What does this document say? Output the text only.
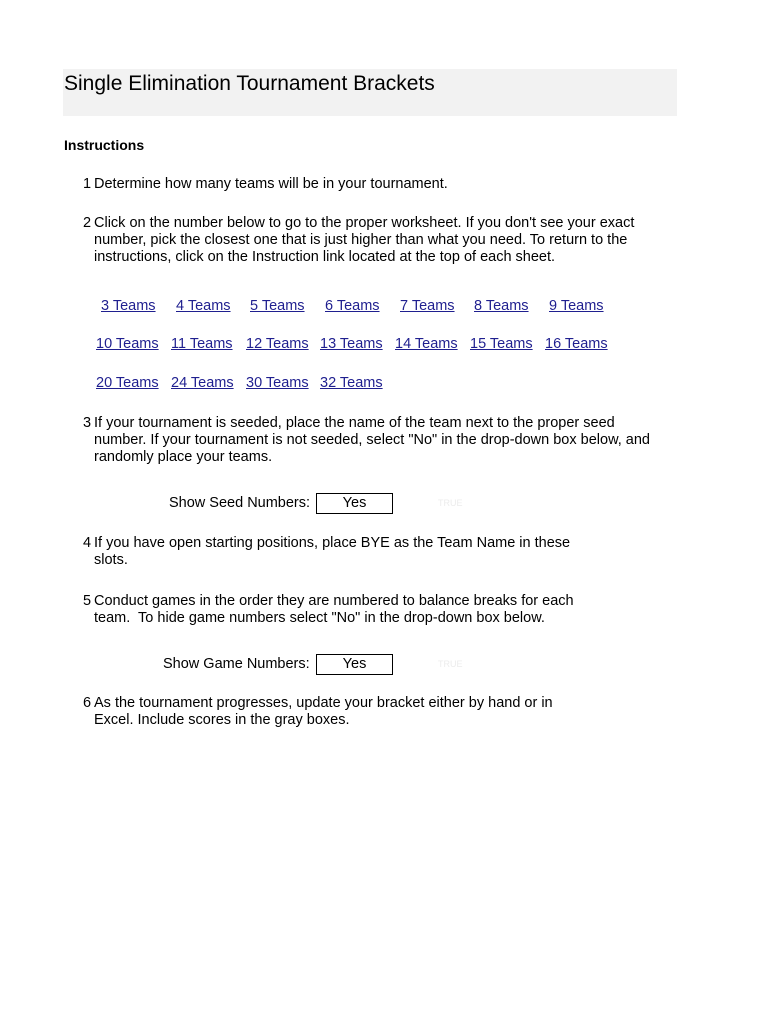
Single Elimination Tournament Brackets
Instructions
1 Determine how many teams will be in your tournament.
2 Click on the number below to go to the proper worksheet. If you don't see your exact
number, pick the closest one that is just higher than what you need. To return to the
instructions, click on the Instruction link located at the top of each sheet.
3 Teams 4 Teams 5 Teams 6 Teams 7 Teams 8 Teams 9 Teams
10 Teams 11 Teams 12 Teams 13 Teams 14 Teams 15 Teams 16 Teams
20 Teams 24 Teams 30 Teams 32 Teams
3 If your tournament is seeded, place the name of the team next to the proper seed
number. If your tournament is not seeded, select "No" in the drop-down box below, and
randomly place your teams.
Show Seed Numbers:	Yes	TRUE
4 If you have open starting positions, place BYE as the Team Name in these
slots.
5 Conduct games in the order they are numbered to balance breaks for each
team.  To hide game numbers select "No" in the drop-down box below.
Show Game Numbers:	Yes	TRUE
6 As the tournament progresses, update your bracket either by hand or in
Excel. Include scores in the gray boxes.
